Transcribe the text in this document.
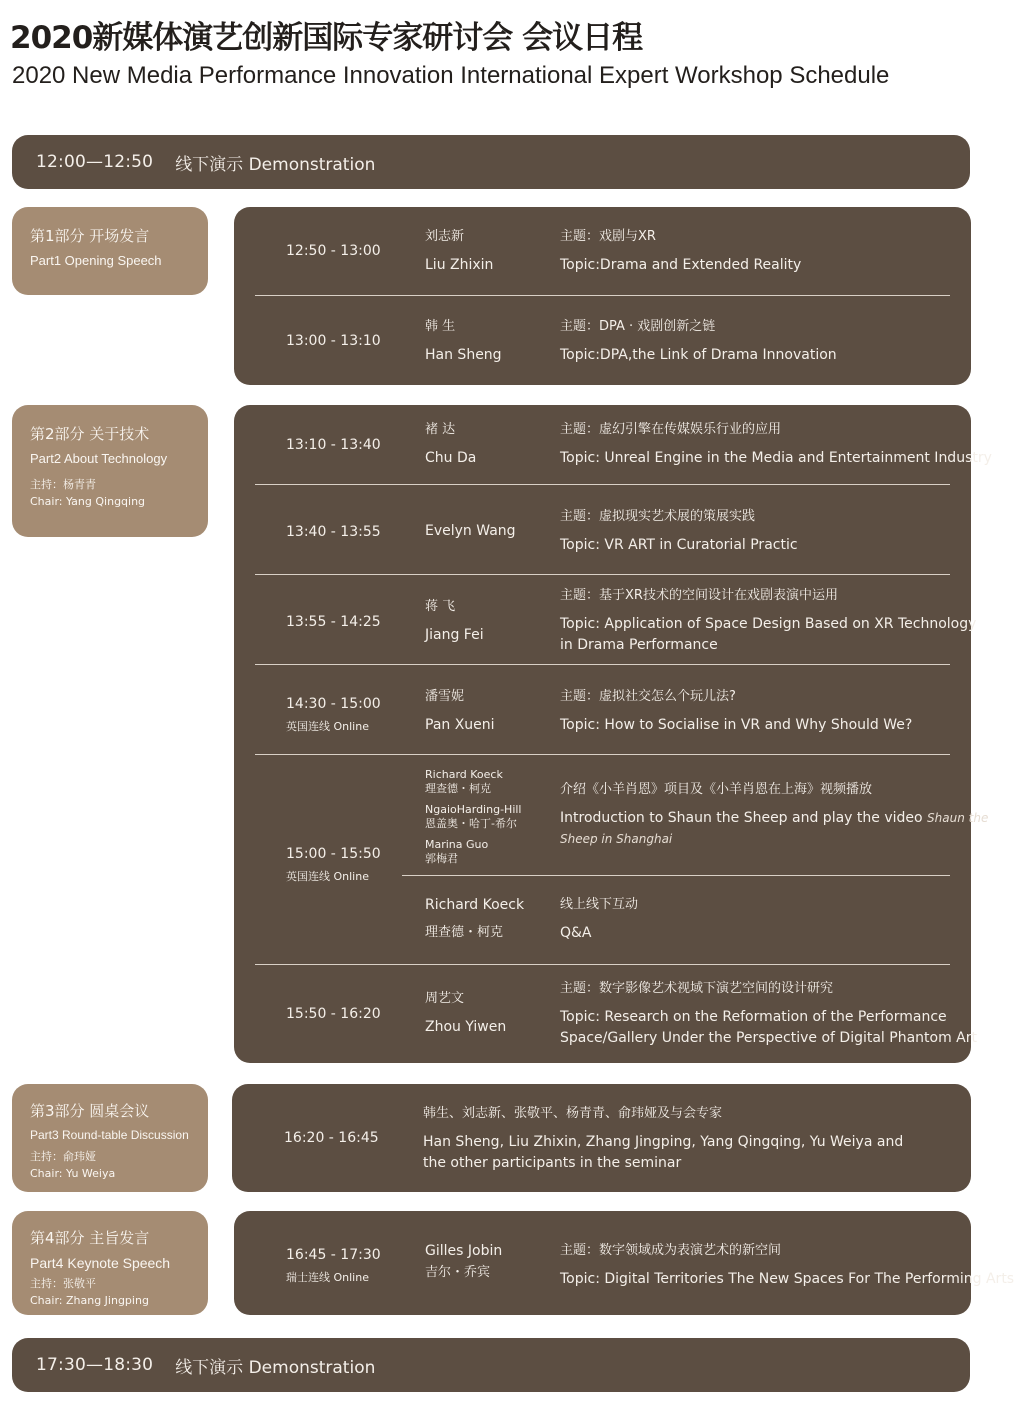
2020新媒体演艺创新国际专家研讨会 会议日程
2020 New Media Performance Innovation International Expert Workshop Schedule
12:00—12:50 线下演示 Demonstration
第1部分 开场发言
Part1 Opening Speech
12:50 - 13:00
刘志新
Liu Zhixin
主题：戏剧与XR
Topic:Drama and Extended Reality
13:00 - 13:10
韩 生
Han Sheng
主题：DPA · 戏剧创新之链
Topic:DPA,the Link of Drama Innovation
第2部分 关于技术
Part2 About Technology
主持：杨青青
Chair: Yang Qingqing
13:10 - 13:40
褚 达
Chu Da
主题：虚幻引擎在传媒娱乐行业的应用
Topic: Unreal Engine in the Media and Entertainment Industry
13:40 - 13:55	Evelyn Wang
主题：虚拟现实艺术展的策展实践
Topic: VR ART in Curatorial Practic
13:55 - 14:25
蒋 飞
Jiang Fei
主题：基于XR技术的空间设计在戏剧表演中运用
Topic: Application of Space Design Based on XR Technology
in Drama Performance
14:30 - 15:00
英国连线 Online
潘雪妮
Pan Xueni
主题：虚拟社交怎么个玩儿法?
Topic: How to Socialise in VR and Why Should We?
15:00 - 15:50
英国连线 Online
Richard Koeck
理查德・柯克
NgaioHarding-Hill
恩盖奥・哈丁-希尔
Marina Guo
郭梅君
介绍《小羊肖恩》项目及《小羊肖恩在上海》视频播放
Introduction to Shaun the Sheep and play the video Shaun the
Sheep in Shanghai
Richard Koeck
理查德・柯克
线上线下互动
Q&A
15:50 - 16:20
周艺文
Zhou Yiwen
主题：数字影像艺术视域下演艺空间的设计研究
Topic: Research on the Reformation of the Performance
Space/Gallery Under the Perspective of Digital Phantom Art
第3部分 圆桌会议
Part3 Round-table Discussion
主持：俞玮娅
Chair: Yu Weiya
16:20 - 16:45
韩生、刘志新、张敬平、杨青青、俞玮娅及与会专家
Han Sheng, Liu Zhixin, Zhang Jingping, Yang Qingqing, Yu Weiya and
the other participants in the seminar
第4部分 主旨发言
Part4 Keynote Speech
主持：张敬平
Chair: Zhang Jingping
16:45 - 17:30
瑞士连线 Online
Gilles Jobin
吉尔・乔宾
主题：数字领域成为表演艺术的新空间
Topic: Digital Territories The New Spaces For The Performing Arts
17:30—18:30 线下演示 Demonstration
